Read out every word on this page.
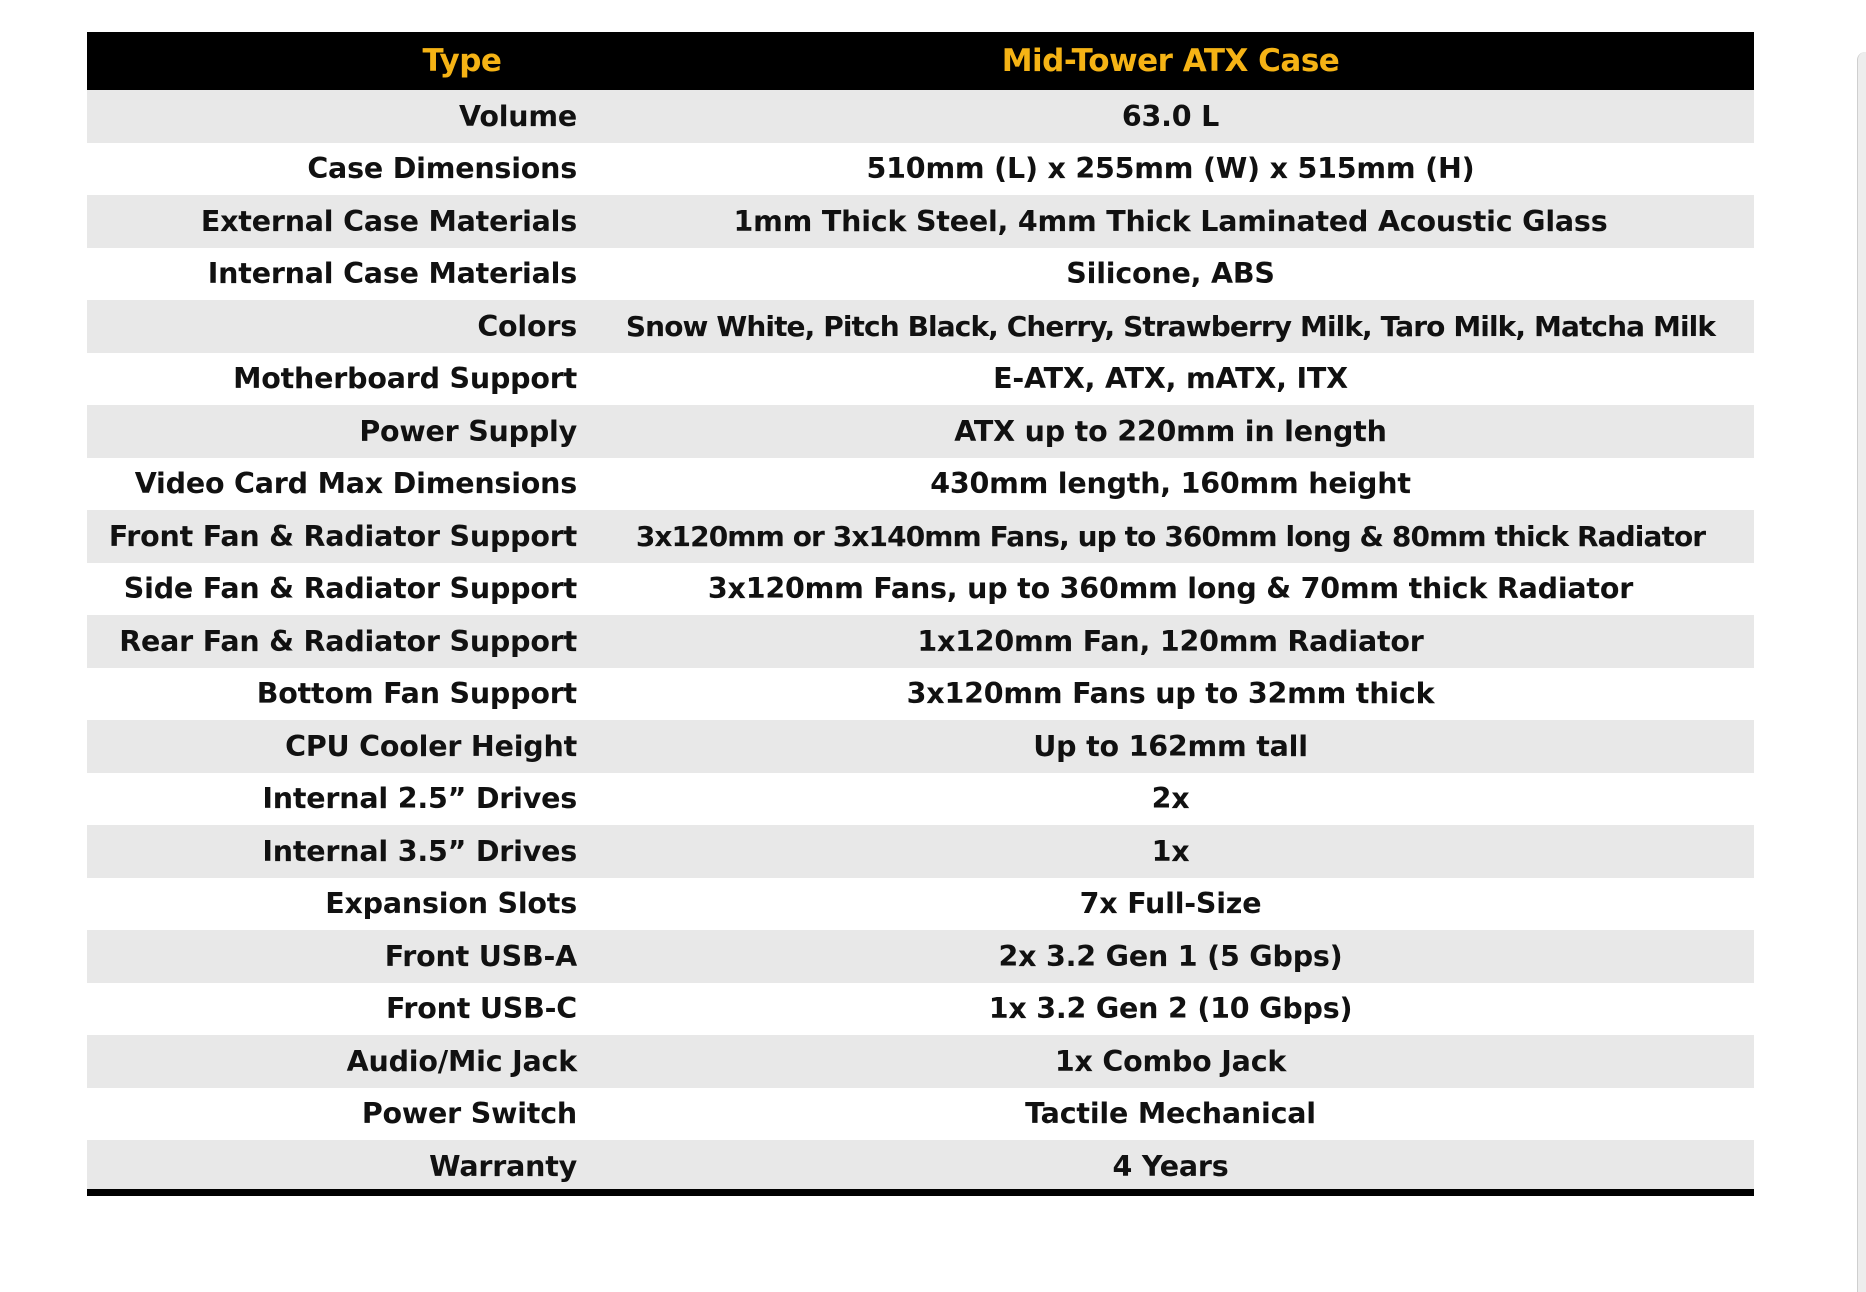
Type	Mid-Tower ATX Case
Volume	63.0 L
Case Dimensions	510mm (L) x 255mm (W) x 515mm (H)
External Case Materials	1mm Thick Steel, 4mm Thick Laminated Acoustic Glass
Internal Case Materials	Silicone, ABS
Colors	Snow White, Pitch Black, Cherry, Strawberry Milk, Taro Milk, Matcha Milk
Motherboard Support	E-ATX, ATX, mATX, ITX
Power Supply	ATX up to 220mm in length
Video Card Max Dimensions	430mm length, 160mm height
Front Fan & Radiator Support	3x120mm or 3x140mm Fans, up to 360mm long & 80mm thick Radiator
Side Fan & Radiator Support	3x120mm Fans, up to 360mm long & 70mm thick Radiator
Rear Fan & Radiator Support	1x120mm Fan, 120mm Radiator
Bottom Fan Support	3x120mm Fans up to 32mm thick
CPU Cooler Height	Up to 162mm tall
Internal 2.5” Drives	2x
Internal 3.5” Drives	1x
Expansion Slots	7x Full-Size
Front USB-A	2x 3.2 Gen 1 (5 Gbps)
Front USB-C	1x 3.2 Gen 2 (10 Gbps)
Audio/Mic Jack	1x Combo Jack
Power Switch	Tactile Mechanical
Warranty	4 Years
